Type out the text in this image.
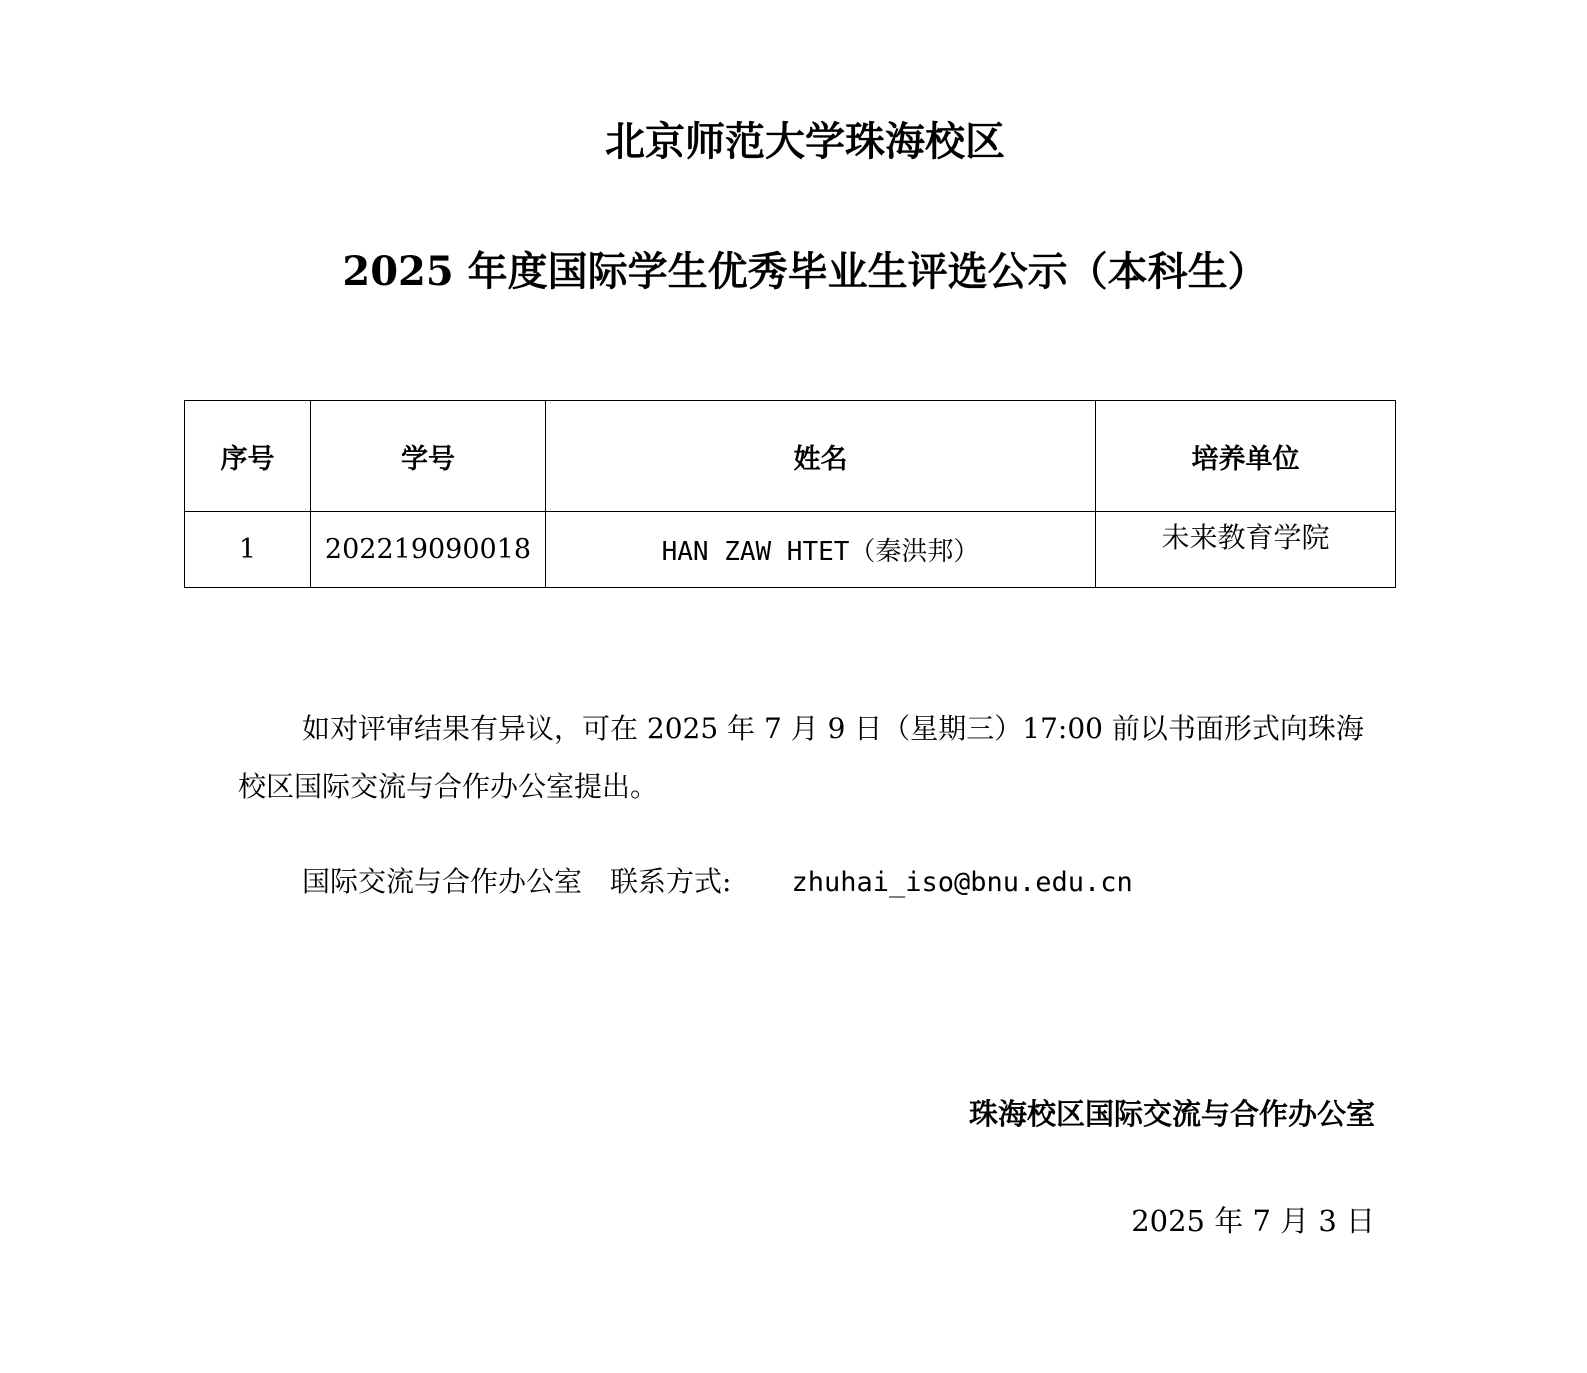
北京师范大学珠海校区
2025 年度国际学生优秀毕业生评选公示（本科生）
序号	学号	姓名	培养单位
1	202219090018	HAN ZAW HTET（秦洪邦）	未来教育学院
如对评审结果有异议，可在 2025 年 7 月 9 日（星期三）17:00 前以书面形式向珠海校区国际交流与合作办公室提出。
国际交流与合作办公室　联系方式: zhuhai_iso@bnu.edu.cn
珠海校区国际交流与合作办公室
2025 年 7 月 3 日
